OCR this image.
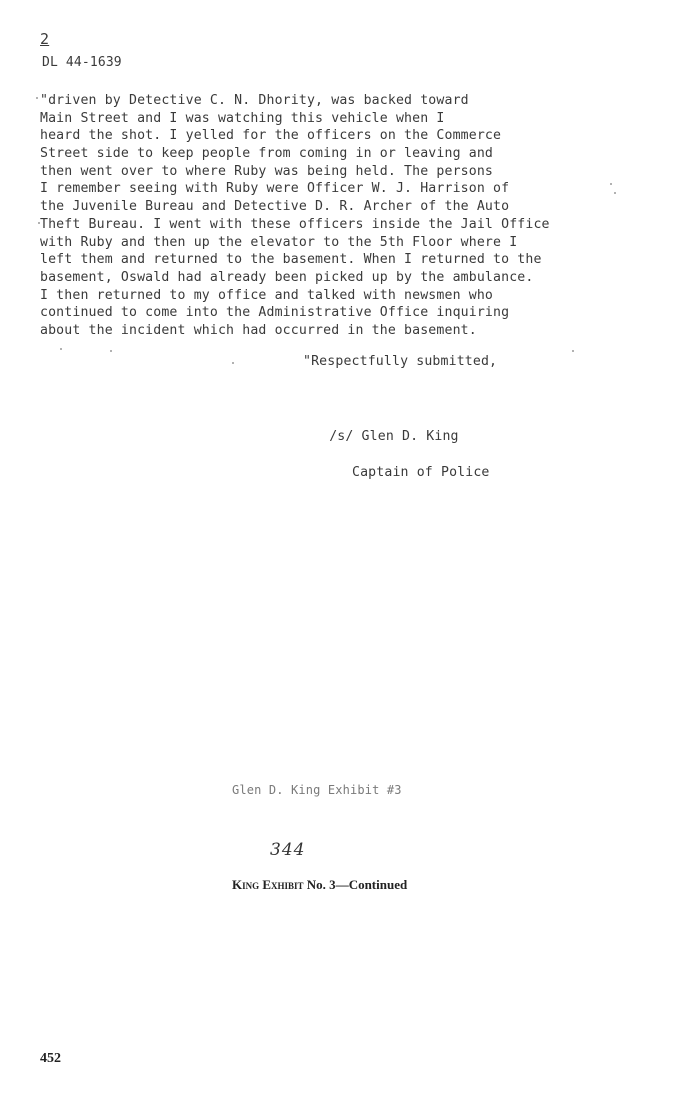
2
DL 44-1639
"driven by Detective C. N. Dhority, was backed toward
Main Street and I was watching this vehicle when I
heard the shot. I yelled for the officers on the Commerce
Street side to keep people from coming in or leaving and
then went over to where Ruby was being held. The persons
I remember seeing with Ruby were Officer W. J. Harrison of
the Juvenile Bureau and Detective D. R. Archer of the Auto
Theft Bureau. I went with these officers inside the Jail Office
with Ruby and then up the elevator to the 5th Floor where I
left them and returned to the basement. When I returned to the
basement, Oswald had already been picked up by the ambulance.
I then returned to my office and talked with newsmen who
continued to come into the Administrative Office inquiring
about the incident which had occurred in the basement.
"Respectfully submitted,

/s/ Glen D. King

Captain of Police

Glen D. King Exhibit #3
344
King Exhibit No. 3—Continued
452
